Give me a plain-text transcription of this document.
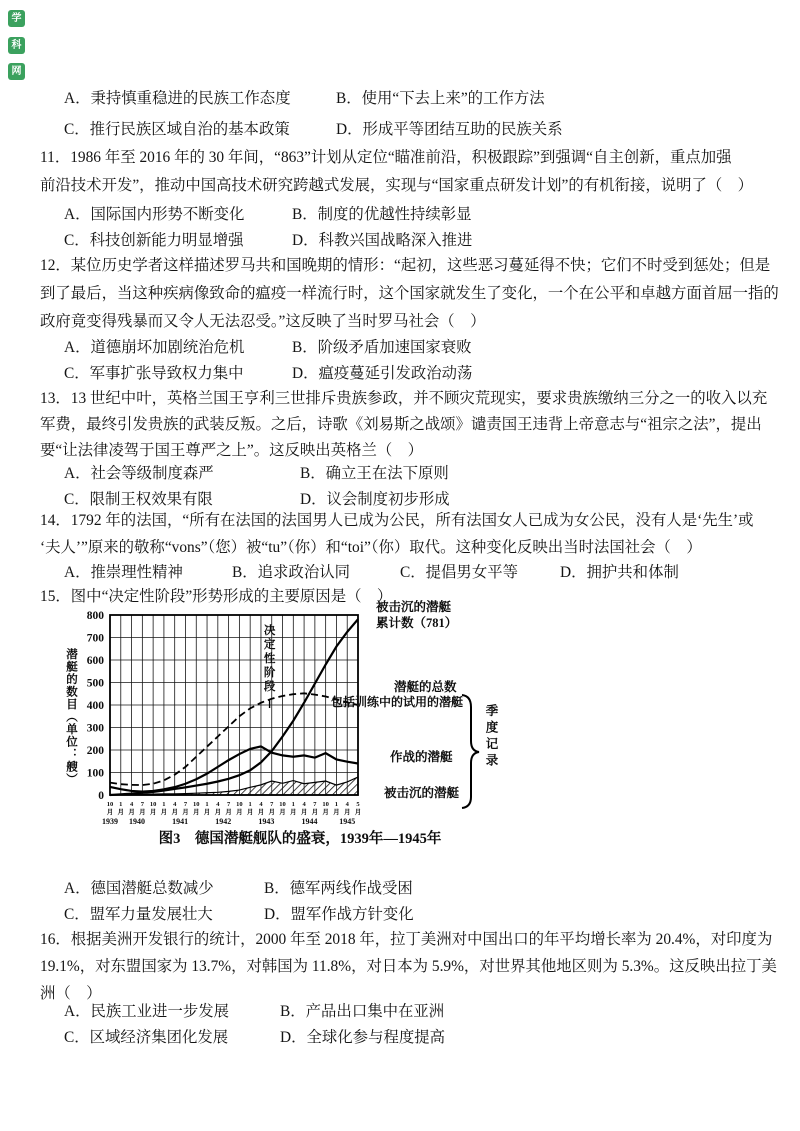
学
科
网
A．秉持慎重稳进的民族工作态度	B．使用“下去上来”的工作方法
C．推行民族区域自治的基本政策	D．形成平等团结互助的民族关系
11．1986 年至 2016 年的 30 年间，“863”计划从定位“瞄准前沿，积极跟踪”到强调“自主创新，重点加强
前沿技术开发”，推动中国高技术研究跨越式发展，实现与“国家重点研发计划”的有机衔接，说明了（　）
A．国际国内形势不断变化	B．制度的优越性持续彰显
C．科技创新能力明显增强	D．科教兴国战略深入推进
12．某位历史学者这样描述罗马共和国晚期的情形：“起初，这些恶习蔓延得不快；它们不时受到惩处；但是
到了最后，当这种疾病像致命的瘟疫一样流行时，这个国家就发生了变化，一个在公平和卓越方面首屈一指的
政府竟变得残暴而又令人无法忍受。”这反映了当时罗马社会（　）
A．道德崩坏加剧统治危机	B．阶级矛盾加速国家衰败
C．军事扩张导致权力集中	D．瘟疫蔓延引发政治动荡
13．13 世纪中叶，英格兰国王亨利三世排斥贵族参政，并不顾灾荒现实，要求贵族缴纳三分之一的收入以充
军费，最终引发贵族的武装反叛。之后，诗歌《刘易斯之战颂》谴责国王违背上帝意志与“祖宗之法”，提出
要“让法律凌驾于国王尊严之上”。这反映出英格兰（　）
A．社会等级制度森严	B．确立王在法下原则
C．限制王权效果有限	D．议会制度初步形成
14．1792 年的法国，“所有在法国的法国男人已成为公民，所有法国女人已成为女公民，没有人是‘先生’或
‘夫人’”原来的敬称“vons”（您）被“tu”（你）和“toi”（你）取代。这种变化反映出当时法国社会（　）
A．推崇理性精神	B．追求政治认同	C．提倡男女平等	D．拥护共和体制
15．图中“决定性阶段”形势形成的主要原因是（　）
A．德国潜艇总数减少	B．德军两线作战受困
C．盟军力量发展壮大	D．盟军作战方针变化
16．根据美洲开发银行的统计，2000 年至 2018 年，拉丁美洲对中国出口的年平均增长率为 20.4%，对印度为
19.1%，对东盟国家为 13.7%，对韩国为 11.8%，对日本为 5.9%，对世界其他地区则为 5.3%。这反映出拉丁美
洲（　）
A．民族工业进一步发展	B．产品出口集中在亚洲
C．区域经济集团化发展	D．全球化参与程度提高
0
100
200
300
400
500
600
700
800
10
月
1
月
4
月
7
月
10
月
1
月
4
月
7
月
10
月
1
月
4
月
7
月
10
月
1
月
4
月
7
月
10
月
1
月
4
月
7
月
10
月
1
月
4
月
5
月
1939 1940	1941	1942	1943	1944	1945
决
定
性
阶
段
潜艇的数目（单位：艘）
被击沉的潜艇
累计数（781）
潜艇的总数
包括训练中的试用的潜艇
作战的潜艇
被击沉的潜艇
季度记录
图3　德国潜艇舰队的盛衰，1939年—1945年
